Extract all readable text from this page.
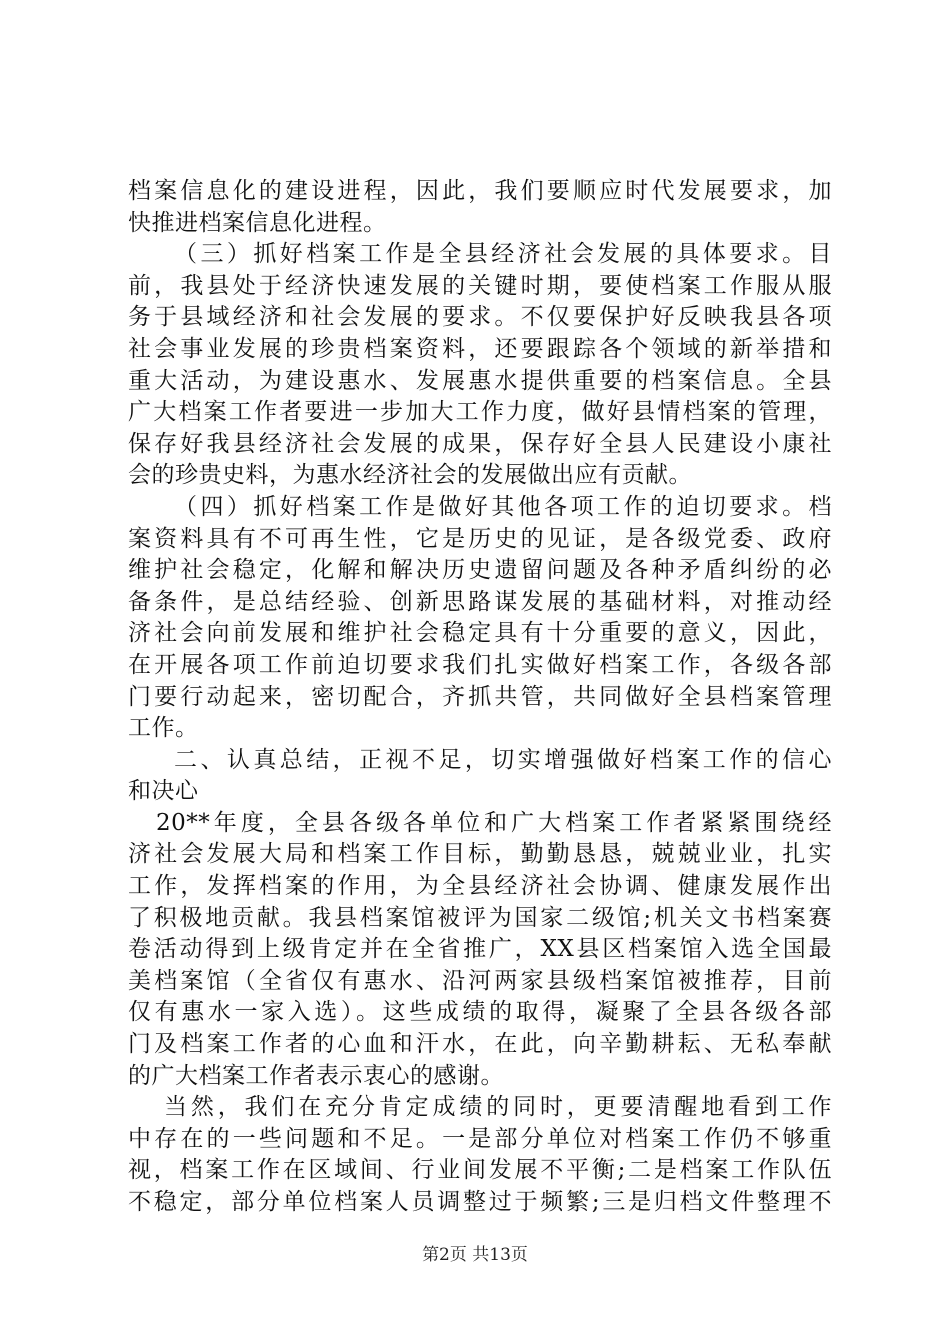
档案信息化的建设进程，因此，我们要顺应时代发展要求，加
快推进档案信息化进程。
（三）抓好档案工作是全县经济社会发展的具体要求。目
前，我县处于经济快速发展的关键时期，要使档案工作服从服
务于县域经济和社会发展的要求。不仅要保护好反映我县各项
社会事业发展的珍贵档案资料，还要跟踪各个领域的新举措和
重大活动，为建设惠水、发展惠水提供重要的档案信息。全县
广大档案工作者要进一步加大工作力度，做好县情档案的管理，
保存好我县经济社会发展的成果，保存好全县人民建设小康社
会的珍贵史料，为惠水经济社会的发展做出应有贡献。
（四）抓好档案工作是做好其他各项工作的迫切要求。档
案资料具有不可再生性，它是历史的见证，是各级党委、政府
维护社会稳定，化解和解决历史遗留问题及各种矛盾纠纷的必
备条件，是总结经验、创新思路谋发展的基础材料，对推动经
济社会向前发展和维护社会稳定具有十分重要的意义，因此，
在开展各项工作前迫切要求我们扎实做好档案工作，各级各部
门要行动起来，密切配合，齐抓共管，共同做好全县档案管理
工作。
二、认真总结，正视不足，切实增强做好档案工作的信心
和决心
20**年度，全县各级各单位和广大档案工作者紧紧围绕经
济社会发展大局和档案工作目标，勤勤恳恳，兢兢业业，扎实
工作，发挥档案的作用，为全县经济社会协调、健康发展作出
了积极地贡献。我县档案馆被评为国家二级馆;机关文书档案赛
卷活动得到上级肯定并在全省推广，XX县区档案馆入选全国最
美档案馆（全省仅有惠水、沿河两家县级档案馆被推荐，目前
仅有惠水一家入选）。这些成绩的取得，凝聚了全县各级各部
门及档案工作者的心血和汗水，在此，向辛勤耕耘、无私奉献
的广大档案工作者表示衷心的感谢。
当然，我们在充分肯定成绩的同时，更要清醒地看到工作
中存在的一些问题和不足。一是部分单位对档案工作仍不够重
视，档案工作在区域间、行业间发展不平衡;二是档案工作队伍
不稳定，部分单位档案人员调整过于频繁;三是归档文件整理不
第2页 共13页
